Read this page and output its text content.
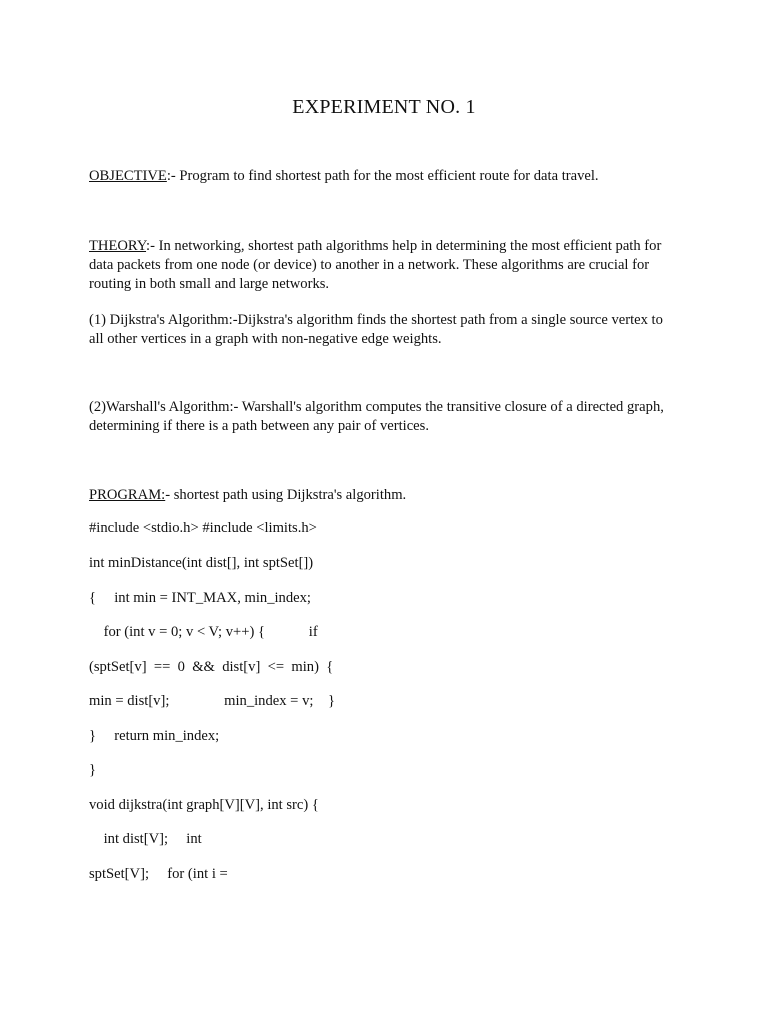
EXPERIMENT NO. 1
OBJECTIVE:- Program to find shortest path for the most efficient route for data travel.
THEORY:- In networking, shortest path algorithms help in determining the most efficient path for data packets from one node (or device) to another in a network. These algorithms are crucial for routing in both small and large networks.
(1) Dijkstra's Algorithm:-Dijkstra's algorithm finds the shortest path from a single source vertex to all other vertices in a graph with non-negative edge weights.
(2)Warshall's Algorithm:- Warshall's algorithm computes the transitive closure of a directed graph, determining if there is a path between any pair of vertices.
PROGRAM:- shortest path using Dijkstra's algorithm.
#include <stdio.h> #include <limits.h>
int minDistance(int dist[], int sptSet[])
{     int min = INT_MAX, min_index;
for (int v = 0; v < V; v++) {            if
(sptSet[v]  ==  0  &&  dist[v]  <=  min)  {
min = dist[v];               min_index = v;    }
}     return min_index;
}
void dijkstra(int graph[V][V], int src) {
int dist[V];     int
sptSet[V];     for (int i =
